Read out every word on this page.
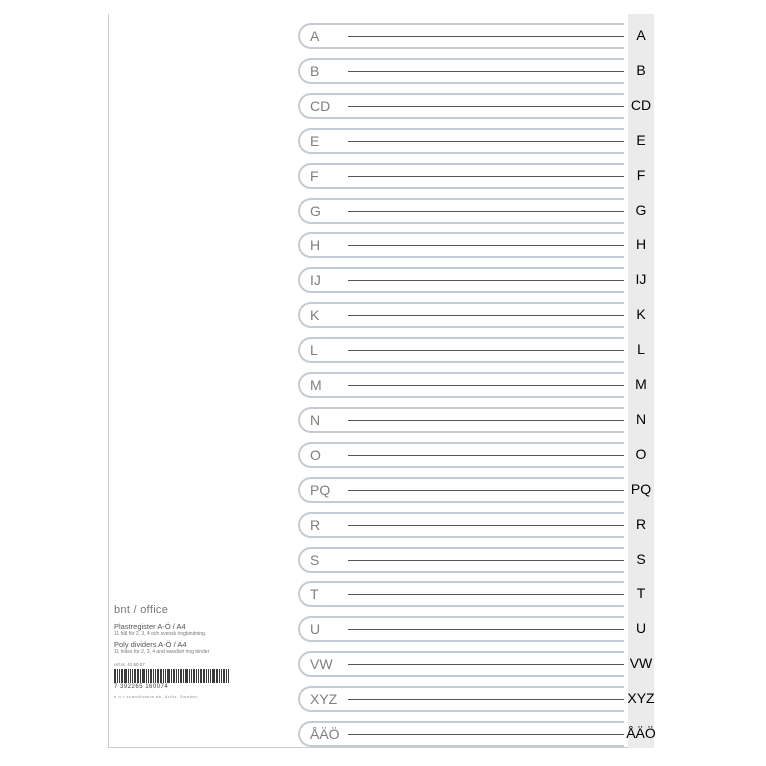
A	A
B	B
CD	CD
E	E
F	F
G	G
H	H
IJ	IJ
K	K
L	L
M	M
N	N
O	O
PQ	PQ
R	R
S	S
T	T
U	U
VW	VW
XYZ	XYZ
ÅÄÖ	ÅÄÖ
bnt / office
Plastregister A-Ö / A4
11 hål för 2, 3, 4 och svensk ringbindning.
Poly dividers A-Ö / A4
11 holes for 2, 3, 4 and swedish ring binder
Art.nr. 41 60 07
7 392265 160074
b n t scandinavia ab, Arlöv, Sweden
